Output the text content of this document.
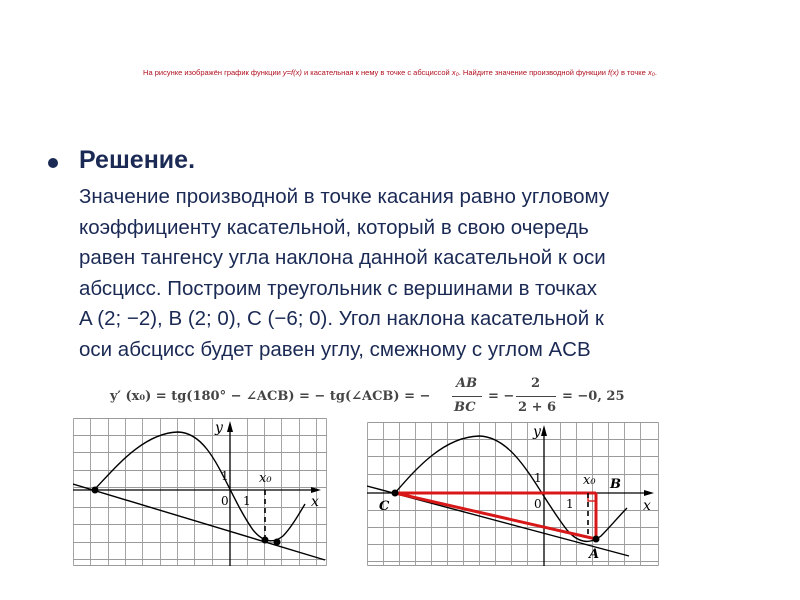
На рисунке изображён график функции y=f(x) и касательная к нему в точке с абсциссой x₀. Найдите значение производной функции f(x) в точке x₀.
Решение.
Значение производной в точке касания равно угловому
коэффициенту касательной, который в свою очередь
равен тангенсу угла наклона данной касательной к оси
абсцисс. Построим треугольник с вершинами в точках
A (2; −2), B (2; 0), C (−6; 0). Угол наклона касательной к
оси абсцисс будет равен углу, смежному с углом ACB
y′ (x₀) = tg(180° − ∠ACB) = − tg(∠ACB) = −
AB
BC
= −
2
2 + 6
= −0, 25
y
x
1
0 1
x₀
y
x
1
0 1
x₀ B
C
A
